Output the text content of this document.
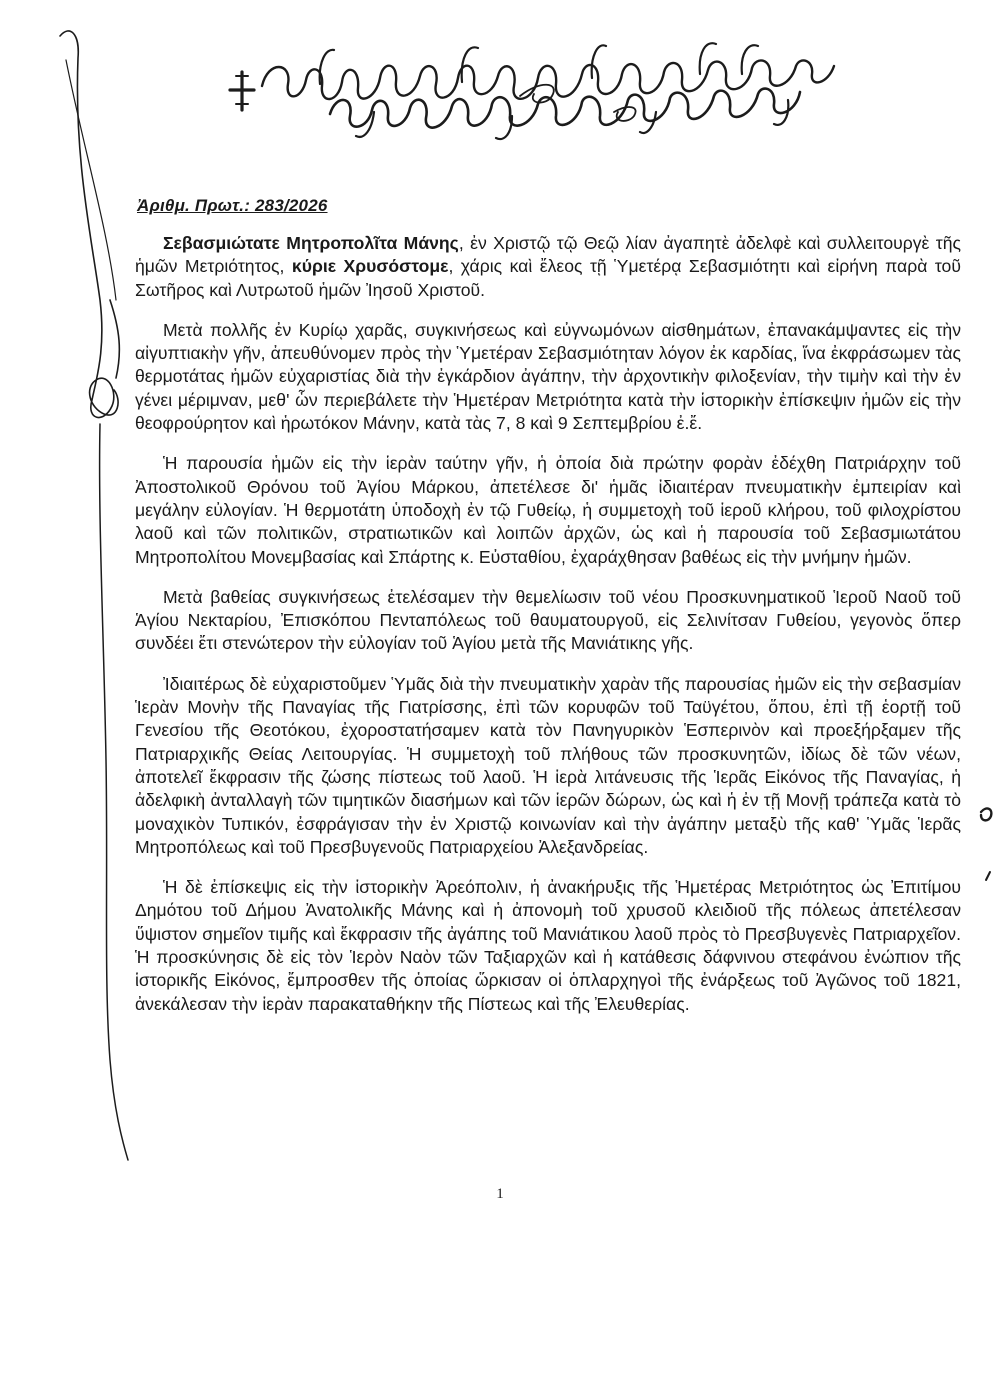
Ἀριθμ. Πρωτ.: 283/2026

Σεβασμιώτατε Μητροπολῖτα Μάνης, ἐν Χριστῷ τῷ Θεῷ λίαν ἀγαπητὲ ἀδελφὲ καὶ συλλειτουργὲ τῆς ἡμῶν Μετριότητος, κύριε Χρυσόστομε, χάρις καὶ ἔλεος τῇ Ὑμετέρᾳ Σεβασμιότητι καὶ εἰρήνη παρὰ τοῦ Σωτῆρος καὶ Λυτρωτοῦ ἡμῶν Ἰησοῦ Χριστοῦ.

Μετὰ πολλῆς ἐν Κυρίῳ χαρᾶς, συγκινήσεως καὶ εὐγνωμόνων αἰσθημάτων, ἐπανακάμψαντες εἰς τὴν αἰγυπτιακὴν γῆν, ἀπευθύνομεν πρὸς τὴν Ὑμετέραν Σεβασμιότηταν λόγον ἐκ καρδίας, ἵνα ἐκφράσωμεν τὰς θερμοτάτας ἡμῶν εὐχαριστίας διὰ τὴν ἐγκάρδιον ἀγάπην, τὴν ἀρχοντικὴν φιλοξενίαν, τὴν τιμὴν καὶ τὴν ἐν γένει μέριμναν, μεθ' ὧν περιεβάλετε τὴν Ἡμετέραν Μετριότητα κατὰ τὴν ἱστορικὴν ἐπίσκεψιν ἡμῶν εἰς τὴν θεοφρούρητον καὶ ἡρωτόκον Μάνην, κατὰ τὰς 7, 8 καὶ 9 Σεπτεμβρίου ἐ.ἔ.

Ἡ παρουσία ἡμῶν εἰς τὴν ἱερὰν ταύτην γῆν, ἡ ὁποία διὰ πρώτην φορὰν ἐδέχθη Πατριάρχην τοῦ Ἀποστολικοῦ Θρόνου τοῦ Ἁγίου Μάρκου, ἀπετέλεσε δι' ἡμᾶς ἰδιαιτέραν πνευματικὴν ἐμπειρίαν καὶ μεγάλην εὐλογίαν. Ἡ θερμοτάτη ὑποδοχὴ ἐν τῷ Γυθείῳ, ἡ συμμετοχὴ τοῦ ἱεροῦ κλήρου, τοῦ φιλοχρίστου λαοῦ καὶ τῶν πολιτικῶν, στρατιωτικῶν καὶ λοιπῶν ἀρχῶν, ὡς καὶ ἡ παρουσία τοῦ Σεβασμιωτάτου Μητροπολίτου Μονεμβασίας καὶ Σπάρτης κ. Εὐσταθίου, ἐχαράχθησαν βαθέως εἰς τὴν μνήμην ἡμῶν.

Μετὰ βαθείας συγκινήσεως ἐτελέσαμεν τὴν θεμελίωσιν τοῦ νέου Προσκυνηματικοῦ Ἱεροῦ Ναοῦ τοῦ Ἁγίου Νεκταρίου, Ἐπισκόπου Πενταπόλεως τοῦ θαυματουργοῦ, εἰς Σελινίτσαν Γυθείου, γεγονὸς ὅπερ συνδέει ἔτι στενώτερον τὴν εὐλογίαν τοῦ Ἁγίου μετὰ τῆς Μανιάτικης γῆς.

Ἰδιαιτέρως δὲ εὐχαριστοῦμεν Ὑμᾶς διὰ τὴν πνευματικὴν χαρὰν τῆς παρουσίας ἡμῶν εἰς τὴν σεβασμίαν Ἱερὰν Μονὴν τῆς Παναγίας τῆς Γιατρίσσης, ἐπὶ τῶν κορυφῶν τοῦ Ταϋγέτου, ὅπου, ἐπὶ τῇ ἑορτῇ τοῦ Γενεσίου τῆς Θεοτόκου, ἐχοροστατήσαμεν κατὰ τὸν Πανηγυρικὸν Ἑσπερινὸν καὶ προεξήρξαμεν τῆς Πατριαρχικῆς Θείας Λειτουργίας. Ἡ συμμετοχὴ τοῦ πλήθους τῶν προσκυνητῶν, ἰδίως δὲ τῶν νέων, ἀποτελεῖ ἔκφρασιν τῆς ζώσης πίστεως τοῦ λαοῦ. Ἡ ἱερὰ λιτάνευσις τῆς Ἱερᾶς Εἰκόνος τῆς Παναγίας, ἡ ἀδελφικὴ ἀνταλλαγὴ τῶν τιμητικῶν διασήμων καὶ τῶν ἱερῶν δώρων, ὡς καὶ ἡ ἐν τῇ Μονῇ τράπεζα κατὰ τὸ μοναχικὸν Τυπικόν, ἐσφράγισαν τὴν ἐν Χριστῷ κοινωνίαν καὶ τὴν ἀγάπην μεταξὺ τῆς καθ' Ὑμᾶς Ἱερᾶς Μητροπόλεως καὶ τοῦ Πρεσβυγενοῦς Πατριαρχείου Ἀλεξανδρείας.

Ἡ δὲ ἐπίσκεψις εἰς τὴν ἱστορικὴν Ἀρεόπολιν, ἡ ἀνακήρυξις τῆς Ἡμετέρας Μετριότητος ὡς Ἐπιτίμου Δημότου τοῦ Δήμου Ἀνατολικῆς Μάνης καὶ ἡ ἀπονομὴ τοῦ χρυσοῦ κλειδιοῦ τῆς πόλεως ἀπετέλεσαν ὕψιστον σημεῖον τιμῆς καὶ ἔκφρασιν τῆς ἀγάπης τοῦ Μανιάτικου λαοῦ πρὸς τὸ Πρεσβυγενὲς Πατριαρχεῖον. Ἡ προσκύνησις δὲ εἰς τὸν Ἱερὸν Ναὸν τῶν Ταξιαρχῶν καὶ ἡ κατάθεσις δάφνινου στεφάνου ἐνώπιον τῆς ἱστορικῆς Εἰκόνος, ἔμπροσθεν τῆς ὁποίας ὥρκισαν οἱ ὁπλαρχηγοὶ τῆς ἐνάρξεως τοῦ Ἀγῶνος τοῦ 1821, ἀνεκάλεσαν τὴν ἱερὰν παρακαταθήκην τῆς Πίστεως καὶ τῆς Ἐλευθερίας.

1
